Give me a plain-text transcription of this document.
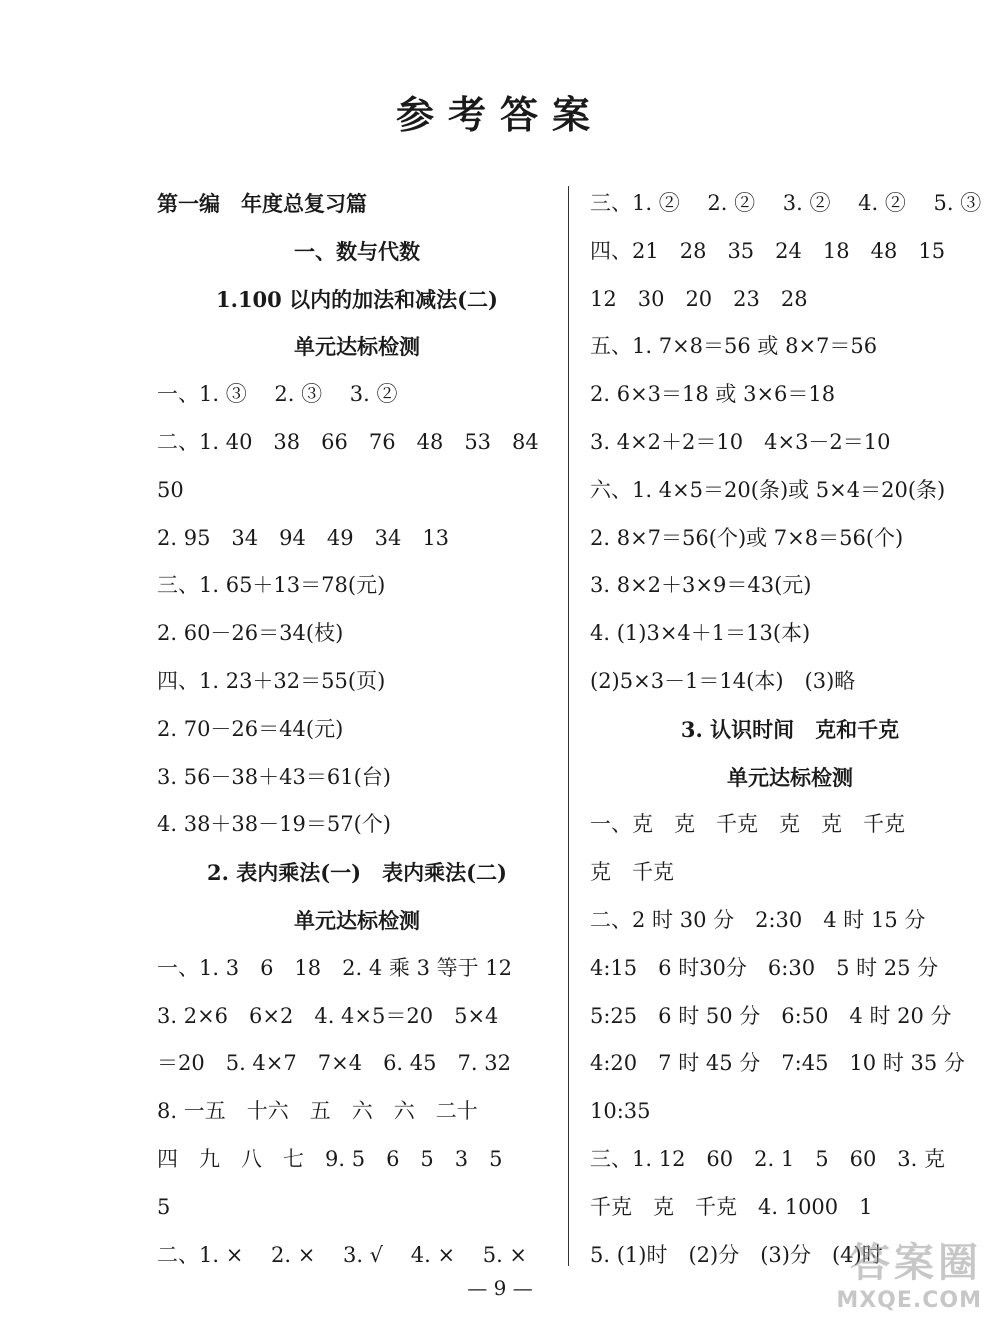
参考答案
第一编　年度总复习篇
一、数与代数
1.100 以内的加法和减法(二)
单元达标检测
一、1. ③　 2. ③　 3. ②
二、1. 40　38　66　76　48　53　84
50
2. 95　34　94　49　34　13
三、1. 65＋13＝78(元)
2. 60－26＝34(枝)
四、1. 23＋32＝55(页)
2. 70－26＝44(元)
3. 56－38＋43＝61(台)
4. 38＋38－19＝57(个)
2. 表内乘法(一)　表内乘法(二)
单元达标检测
一、1. 3　6　18　2. 4 乘 3 等于 12
3. 2×6　6×2　4. 4×5＝20　5×4
＝20　5. 4×7　7×4　6. 45　7. 32
8. 一五　十六　五　六　六　二十
四　九　八　七　9. 5　6　5　3　5
5
二、1. ×　 2. ×　 3. √　 4. ×　 5. ×
三、1. ②　 2. ②　 3. ②　 4. ②　 5. ③
四、21　28　35　24　18　48　15
12　30　20　23　28
五、1. 7×8＝56 或 8×7＝56
2. 6×3＝18 或 3×6＝18
3. 4×2＋2＝10　4×3－2＝10
六、1. 4×5＝20(条)或 5×4＝20(条)
2. 8×7＝56(个)或 7×8＝56(个)
3. 8×2＋3×9＝43(元)
4. (1)3×4＋1＝13(本)
(2)5×3－1＝14(本)　(3)略
3. 认识时间　克和千克
单元达标检测
一、克　克　千克　克　克　千克
克　千克
二、2 时 30 分　2:30　4 时 15 分
4:15　6 时30分　6:30　5 时 25 分
5:25　6 时 50 分　6:50　4 时 20 分
4:20　7 时 45 分　7:45　10 时 35 分
10:35
三、1. 12　60　2. 1　5　60　3. 克
千克　克　千克　4. 1000　1
5. (1)时　(2)分　(3)分　(4)时
— 9 —
答案圈
MXQE.COM
